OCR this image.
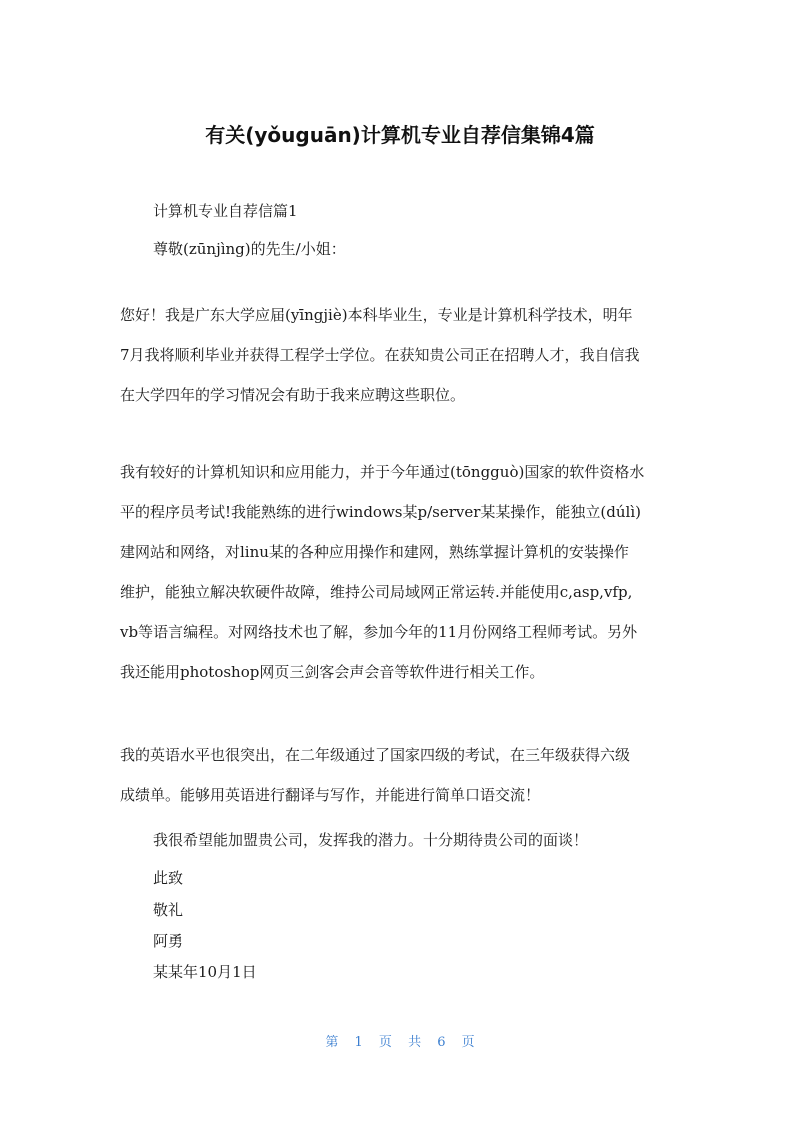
有关(yǒuguān)计算机专业自荐信集锦4篇
计算机专业自荐信篇1
尊敬(zūnjìng)的先生/小姐：
您好！我是广东大学应届(yīngjiè)本科毕业生，专业是计算机科学技术，明年
7月我将顺利毕业并获得工程学士学位。在获知贵公司正在招聘人才，我自信我
在大学四年的学习情况会有助于我来应聘这些职位。
我有较好的计算机知识和应用能力，并于今年通过(tōngguò)国家的软件资格水
平的程序员考试!我能熟练的进行windows某p/server某某操作，能独立(dúlì)
建网站和网络，对linu某的各种应用操作和建网，熟练掌握计算机的安装操作
维护，能独立解决软硬件故障，维持公司局域网正常运转.并能使用c,asp,vfp,
vb等语言编程。对网络技术也了解，参加今年的11月份网络工程师考试。另外
我还能用photoshop网页三剑客会声会音等软件进行相关工作。
我的英语水平也很突出，在二年级通过了国家四级的考试，在三年级获得六级
成绩单。能够用英语进行翻译与写作，并能进行简单口语交流！
我很希望能加盟贵公司，发挥我的潜力。十分期待贵公司的面谈！
此致
敬礼
阿勇
某某年10月1日
第 1 页 共 6 页
